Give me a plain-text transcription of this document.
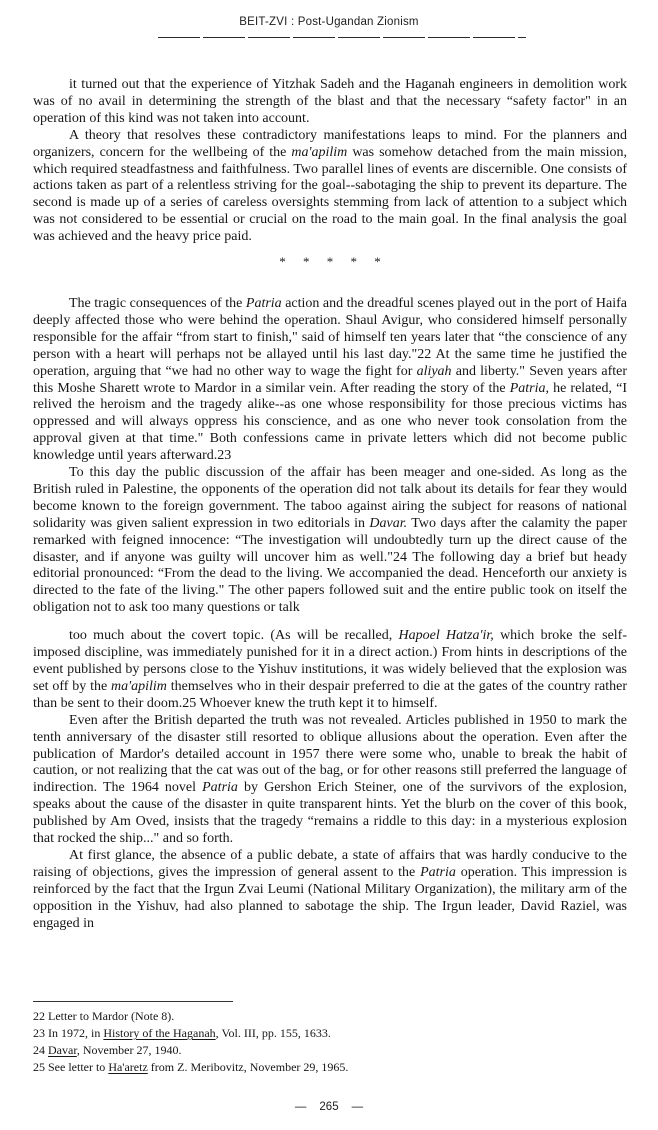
BEIT-ZVI : Post-Ugandan Zionism

it turned out that the experience of Yitzhak Sadeh and the Haganah engineers in demolition work was of no avail in determining the strength of the blast and that the necessary “safety factor" in an operation of this kind was not taken into account.

A theory that resolves these contradictory manifestations leaps to mind. For the planners and organizers, concern for the wellbeing of the ma'apilim was somehow detached from the main mission, which required steadfastness and faithfulness. Two parallel lines of events are discernible. One consists of actions taken as part of a relentless striving for the goal--sabotaging the ship to prevent its departure. The second is made up of a series of careless oversights stemming from lack of attention to a subject which was not considered to be essential or crucial on the road to the main goal. In the final analysis the goal was achieved and the heavy price paid.

* * * * *

The tragic consequences of the Patria action and the dreadful scenes played out in the port of Haifa deeply affected those who were behind the operation. Shaul Avigur, who considered himself personally responsible for the affair “from start to finish," said of himself ten years later that “the conscience of any person with a heart will perhaps not be allayed until his last day."22 At the same time he justified the operation, arguing that “we had no other way to wage the fight for aliyah and liberty." Seven years after this Moshe Sharett wrote to Mardor in a similar vein. After reading the story of the Patria, he related, “I relived the heroism and the tragedy alike--as one whose responsibility for those precious victims has oppressed and will always oppress his conscience, and as one who never took consolation from the approval given at that time." Both confessions came in private letters which did not become public knowledge until years afterward.23

To this day the public discussion of the affair has been meager and one-sided. As long as the British ruled in Palestine, the opponents of the operation did not talk about its details for fear they would become known to the foreign government. The taboo against airing the subject for reasons of national solidarity was given salient expression in two editorials in Davar. Two days after the calamity the paper remarked with feigned innocence: “The investigation will undoubtedly turn up the direct cause of the disaster, and if anyone was guilty will uncover him as well."24 The following day a brief but heady editorial pronounced: “From the dead to the living. We accompanied the dead. Henceforth our anxiety is directed to the fate of the living." The other papers followed suit and the entire public took on itself the obligation not to ask too many questions or talk

too much about the covert topic. (As will be recalled, Hapoel Hatza'ir, which broke the self-imposed discipline, was immediately punished for it in a direct action.) From hints in descriptions of the event published by persons close to the Yishuv institutions, it was widely believed that the explosion was set off by the ma'apilim themselves who in their despair preferred to die at the gates of the country rather than be sent to their doom.25 Whoever knew the truth kept it to himself.

Even after the British departed the truth was not revealed. Articles published in 1950 to mark the tenth anniversary of the disaster still resorted to oblique allusions about the operation. Even after the publication of Mardor's detailed account in 1957 there were some who, unable to break the habit of caution, or not realizing that the cat was out of the bag, or for other reasons still preferred the language of indirection. The 1964 novel Patria by Gershon Erich Steiner, one of the survivors of the explosion, speaks about the cause of the disaster in quite transparent hints. Yet the blurb on the cover of this book, published by Am Oved, insists that the tragedy “remains a riddle to this day: in a mysterious explosion that rocked the ship..." and so forth.

At first glance, the absence of a public debate, a state of affairs that was hardly conducive to the raising of objections, gives the impression of general assent to the Patria operation. This impression is reinforced by the fact that the Irgun Zvai Leumi (National Military Organization), the military arm of the opposition in the Yishuv, had also planned to sabotage the ship. The Irgun leader, David Raziel, was engaged in

22 Letter to Mardor (Note 8).
23 In 1972, in History of the Haganah, Vol. III, pp. 155, 1633.
24 Davar, November 27, 1940.
25 See letter to Ha'aretz from Z. Meribovitz, November 29, 1965.
— 265 —
